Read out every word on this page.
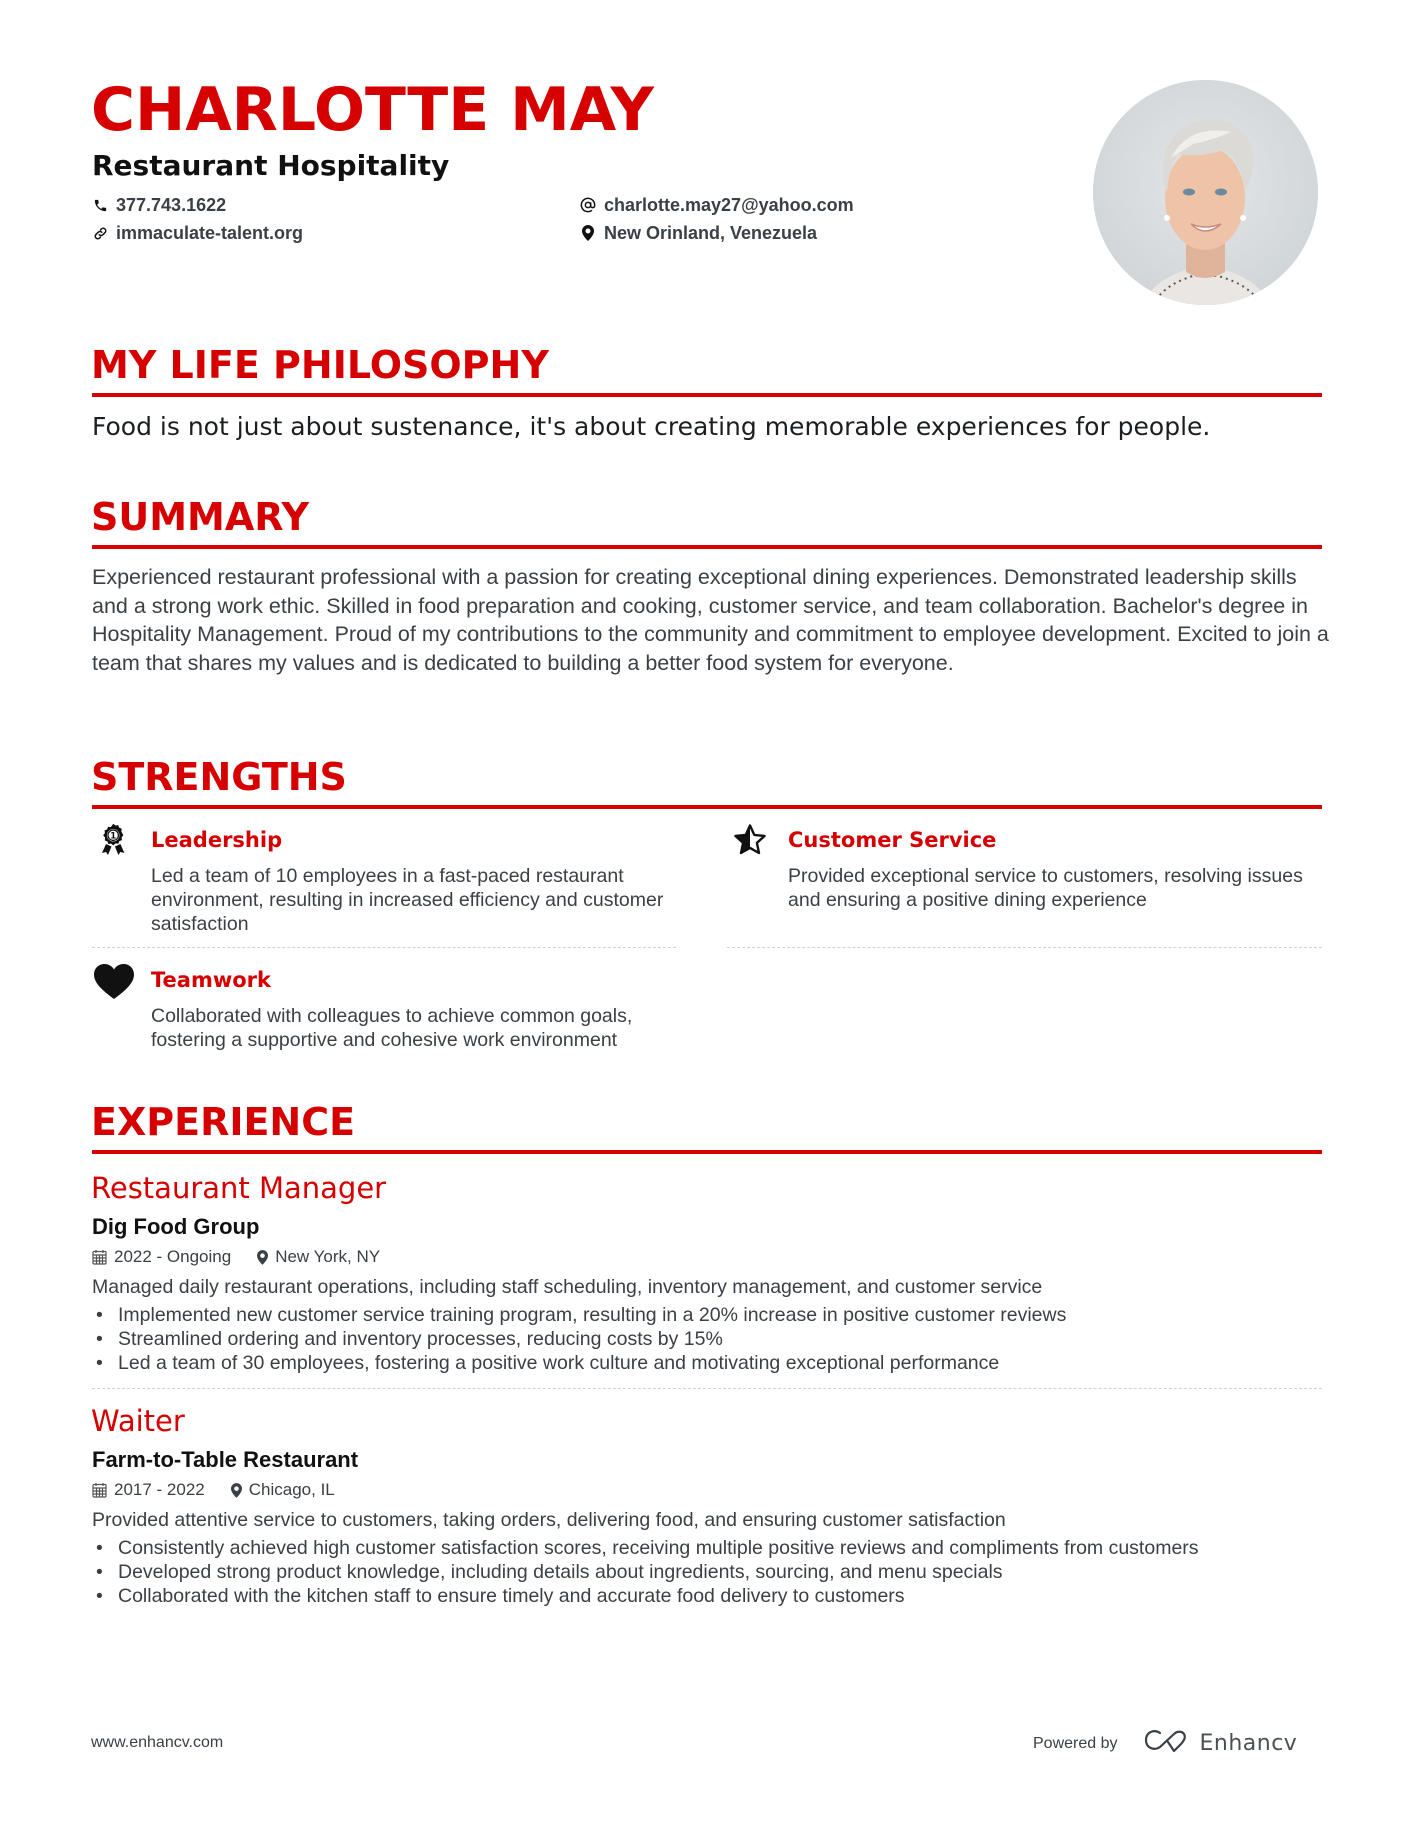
CHARLOTTE MAY
Restaurant Hospitality
377.743.1622
immaculate-talent.org
charlotte.may27@yahoo.com
New Orinland, Venezuela
MY LIFE PHILOSOPHY
Food is not just about sustenance, it's about creating memorable experiences for people.
SUMMARY
Experienced restaurant professional with a passion for creating exceptional dining experiences. Demonstrated leadership skills and a strong work ethic. Skilled in food preparation and cooking, customer service, and team collaboration. Bachelor's degree in Hospitality Management. Proud of my contributions to the community and commitment to employee development. Excited to join a team that shares my values and is dedicated to building a better food system for everyone.
STRENGTHS
1 Leadership
Led a team of 10 employees in a fast-paced restaurant environment, resulting in increased efficiency and customer satisfaction
Customer Service
Provided exceptional service to customers, resolving issues and ensuring a positive dining experience
Teamwork
Collaborated with colleagues to achieve common goals, fostering a supportive and cohesive work environment
EXPERIENCE
Restaurant Manager
Dig Food Group
2022 - Ongoing	New York, NY
Managed daily restaurant operations, including staff scheduling, inventory management, and customer service
• Implemented new customer service training program, resulting in a 20% increase in positive customer reviews
• Streamlined ordering and inventory processes, reducing costs by 15%
• Led a team of 30 employees, fostering a positive work culture and motivating exceptional performance
Waiter
Farm-to-Table Restaurant
2017 - 2022	Chicago, IL
Provided attentive service to customers, taking orders, delivering food, and ensuring customer satisfaction
• Consistently achieved high customer satisfaction scores, receiving multiple positive reviews and compliments from customers
• Developed strong product knowledge, including details about ingredients, sourcing, and menu specials
• Collaborated with the kitchen staff to ensure timely and accurate food delivery to customers
www.enhancv.com	Powered by	Enhancv
